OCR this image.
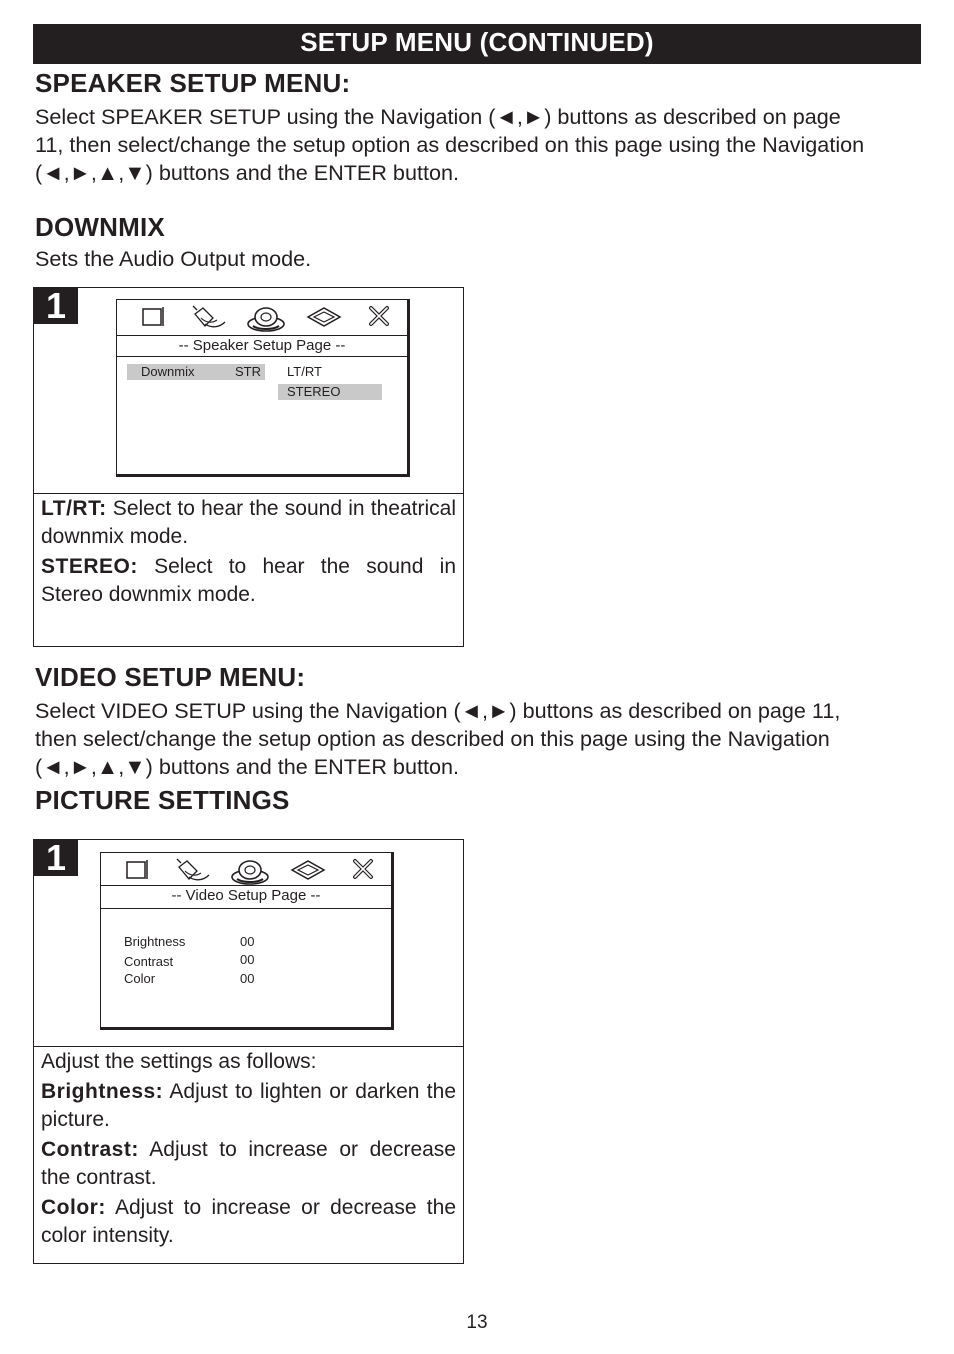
SETUP MENU (CONTINUED)
SPEAKER SETUP MENU:
Select SPEAKER SETUP using the Navigation (◄,►) buttons as described on page
11, then select/change the setup option as described on this page using the Navigation
(◄,►,▲,▼) buttons and the ENTER button.
DOWNMIX
Sets the Audio Output mode.
1
-- Speaker Setup Page --
Downmix	STR LT/RT
STEREO

LT/RT: Select to hear the sound in theatrical downmix mode.

STEREO: Select to hear the sound in Stereo downmix mode.

VIDEO SETUP MENU:
Select VIDEO SETUP using the Navigation (◄,►) buttons as described on page 11,
then select/change the setup option as described on this page using the Navigation
(◄,►,▲,▼) buttons and the ENTER button.
PICTURE SETTINGS
1
-- Video Setup Page --
Brightness	00
Contrast	00
Color	00

Adjust the settings as follows:

Brightness: Adjust to lighten or darken the picture.

Contrast: Adjust to increase or decrease the contrast.

Color: Adjust to increase or decrease the color intensity.

13
